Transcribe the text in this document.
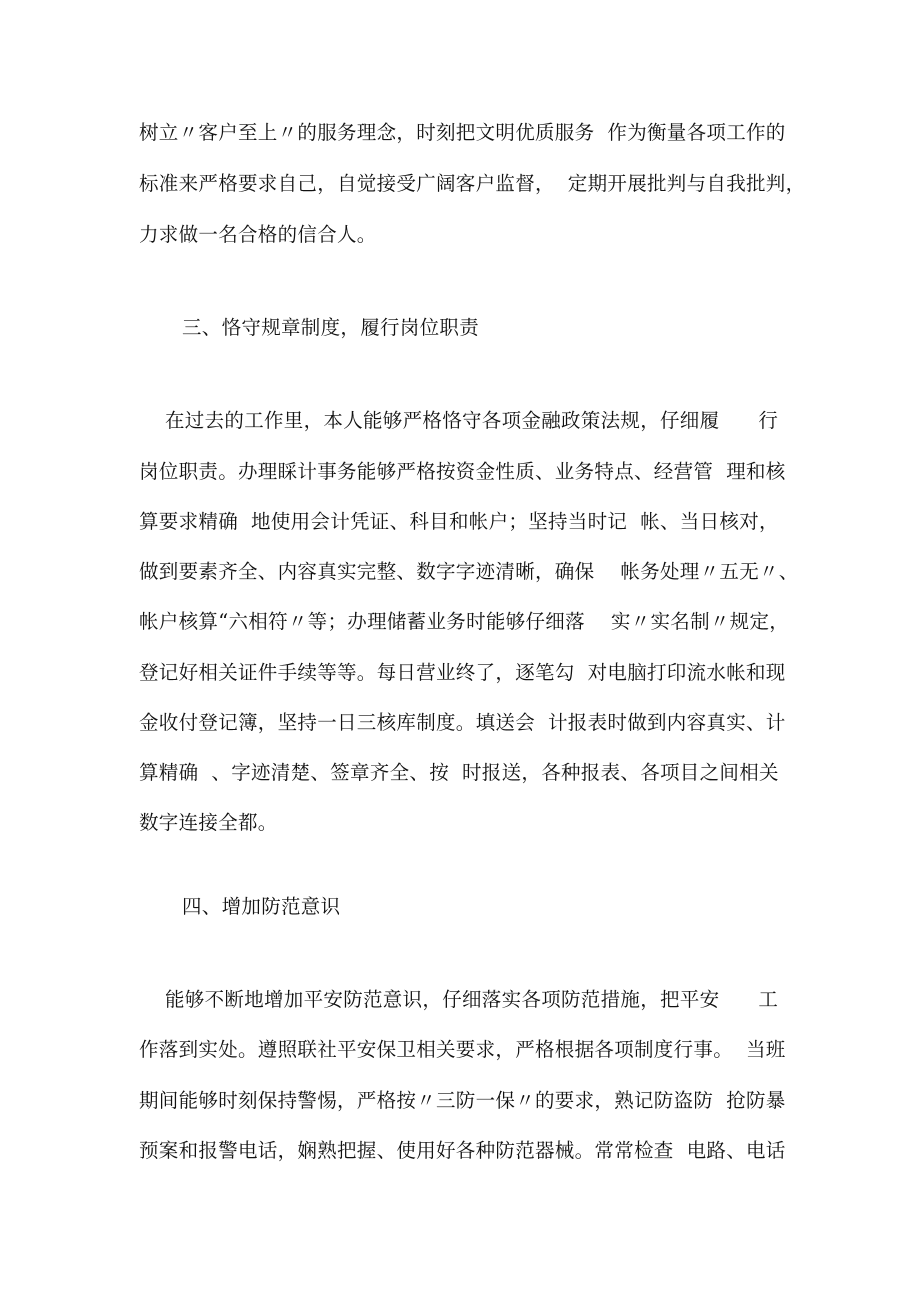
树立〃客户至上〃的服务理念，时刻把文明优质服务  作为衡量各项工作的
标准来严格要求自己，自觉接受广阔客户监督，  定期开展批判与自我批判，
力求做一名合格的信合人。
三、恪守规章制度，履行岗位职责
在过去的工作里，本人能够严格恪守各项金融政策法规，仔细履      行
岗位职责。办理睬计事务能够严格按资金性质、业务特点、经营管  理和核
算要求精确  地使用会计凭证、科目和帐户；坚持当时记  帐、当日核对，
做到要素齐全、内容真实完整、数字字迹清晰，确保    帐务处理〃五无〃、
帐户核算“六相符〃等；办理储蓄业务时能够仔细落    实〃实名制〃规定，
登记好相关证件手续等等。每日营业终了，逐笔勾  对电脑打印流水帐和现
金收付登记簿，坚持一日三核库制度。填送会  计报表时做到内容真实、计
算精确  、字迹清楚、签章齐全、按  时报送，各种报表、各项目之间相关
数字连接全都。
四、增加防范意识
能够不断地增加平安防范意识，仔细落实各项防范措施，把平安      工
作落到实处。遵照联社平安保卫相关要求，严格根据各项制度行事。  当班
期间能够时刻保持警惕，严格按〃三防一保〃的要求，熟记防盗防  抢防暴
预案和报警电话，娴熟把握、使用好各种防范器械。常常检查  电路、电话
